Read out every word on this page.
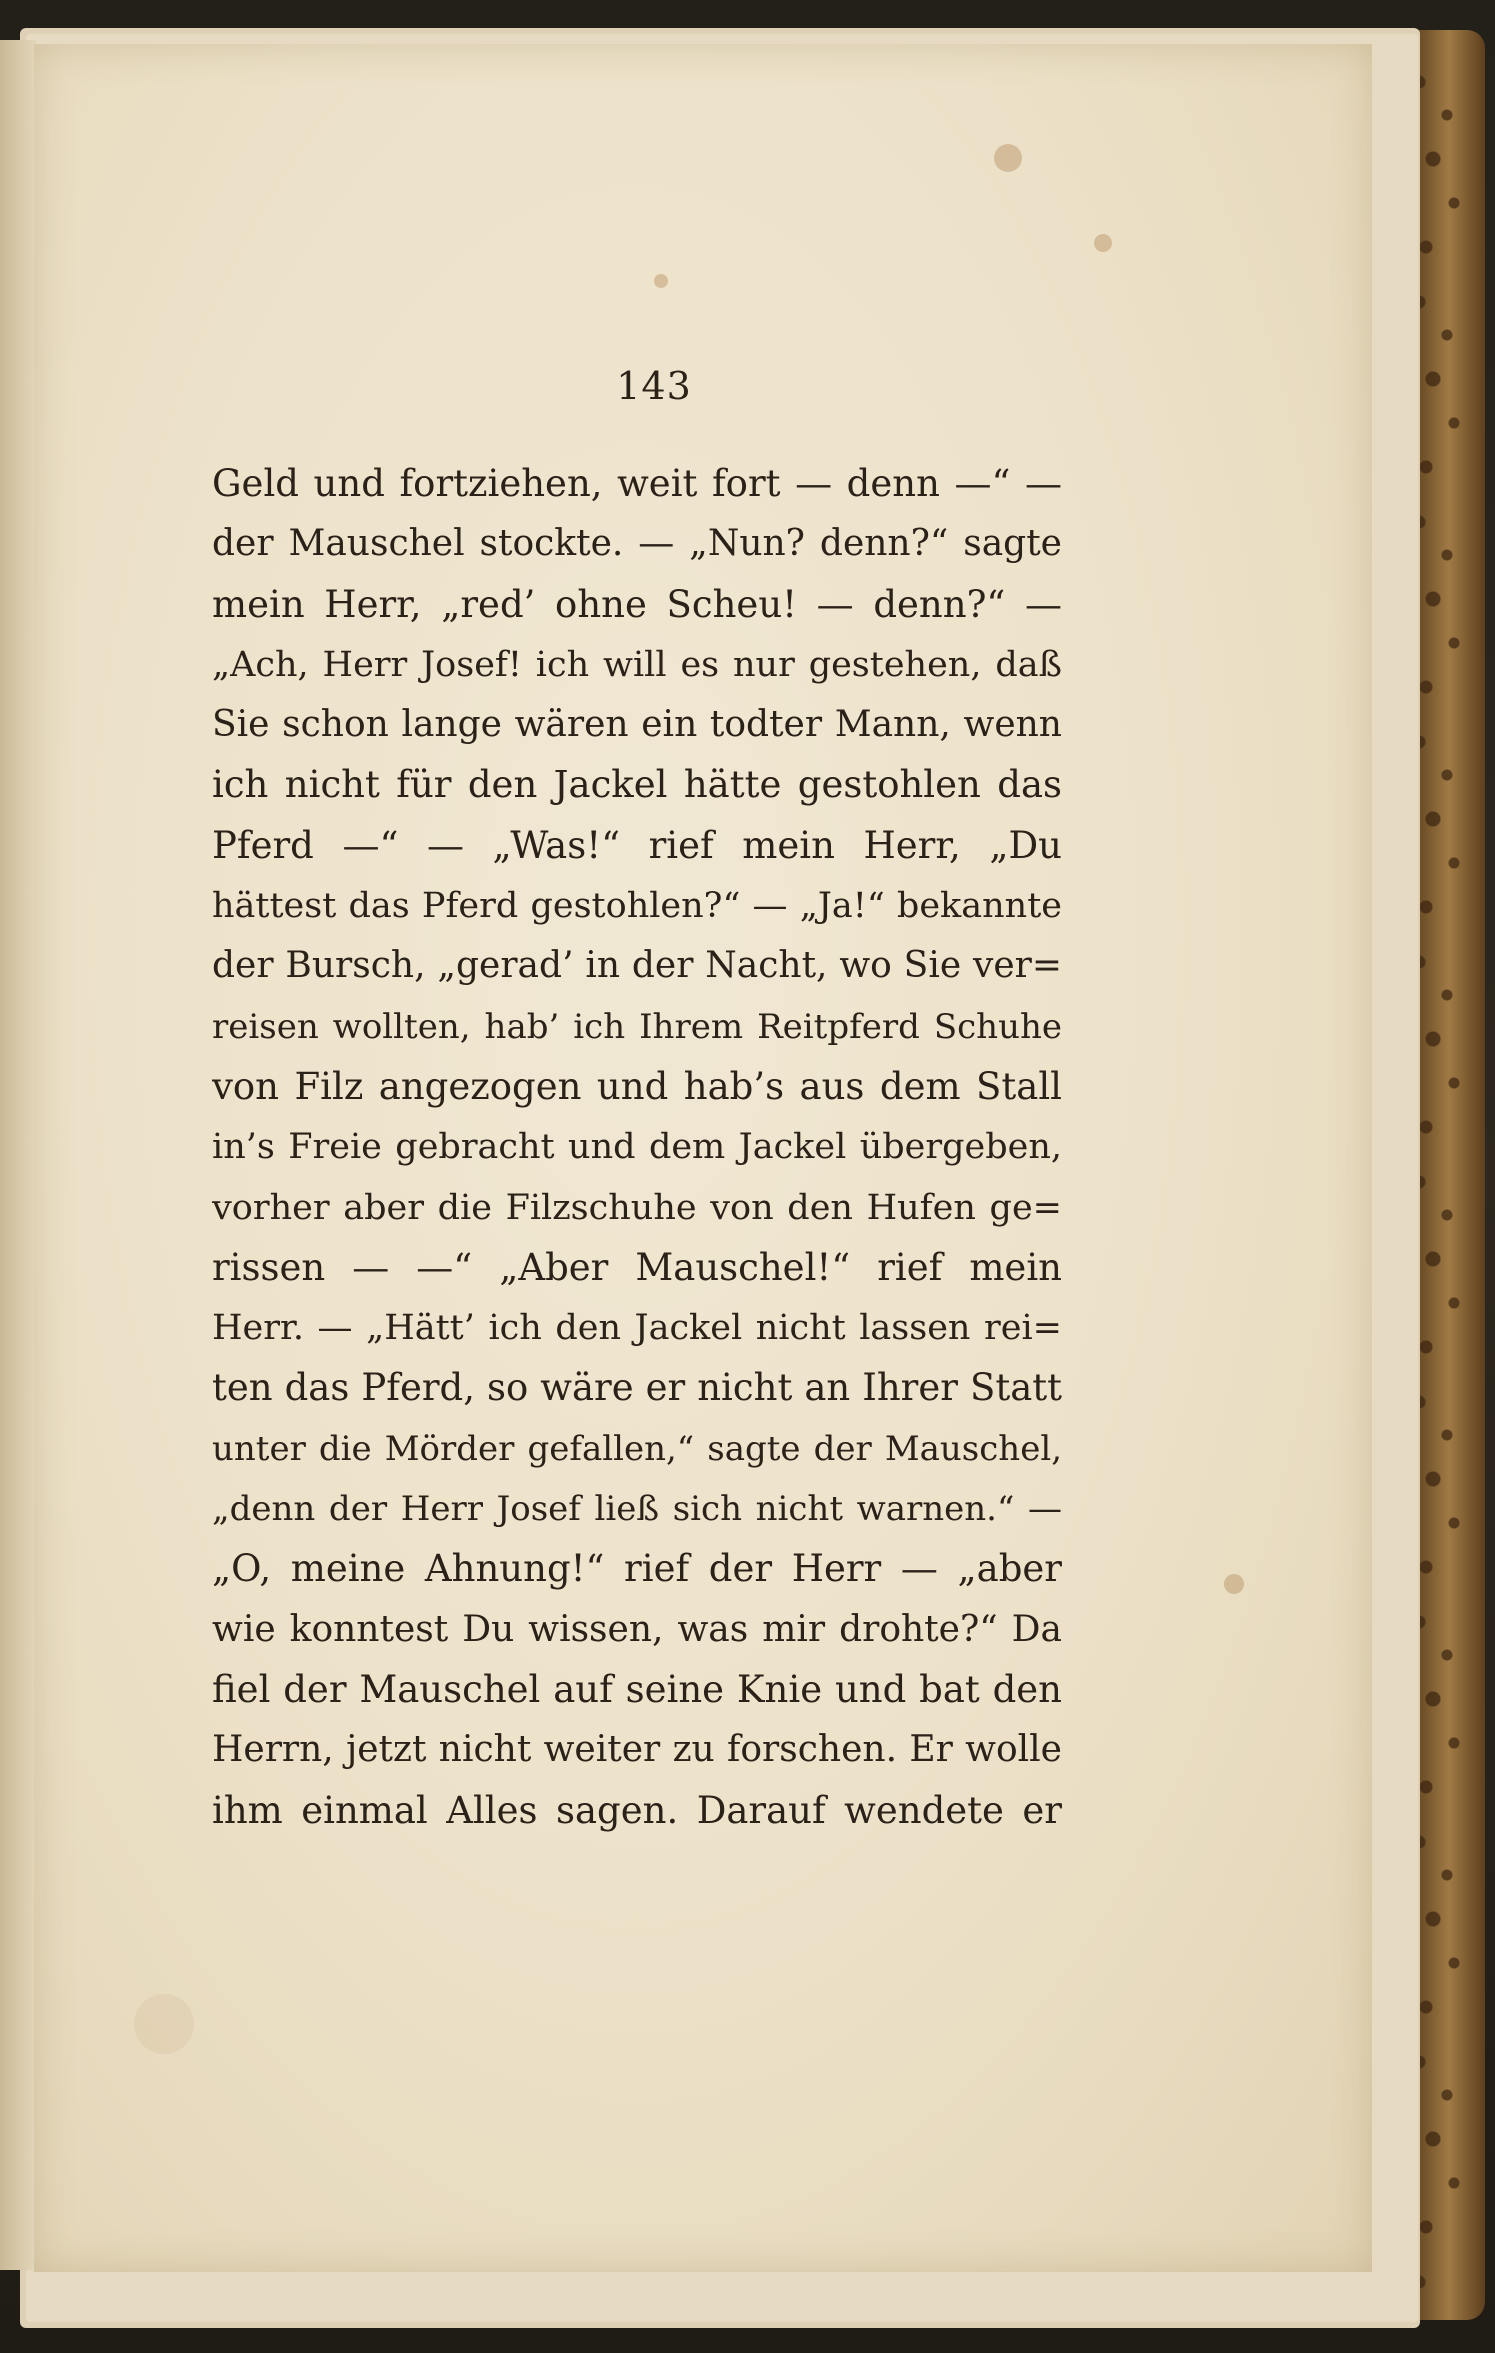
143
Geld und fortziehen, weit fort — denn —“ —
der Mauschel stockte. — „Nun? denn?“ sagte
mein Herr, „red’ ohne Scheu! — denn?“ —
„Ach, Herr Josef! ich will es nur gestehen, daß
Sie schon lange wären ein todter Mann, wenn
ich nicht für den Jackel hätte gestohlen das
Pferd —“ — „Was!“ rief mein Herr, „Du
hättest das Pferd gestohlen?“ — „Ja!“ bekannte
der Bursch, „gerad’ in der Nacht, wo Sie ver=
reisen wollten, hab’ ich Ihrem Reitpferd Schuhe
von Filz angezogen und hab’s aus dem Stall
in’s Freie gebracht und dem Jackel übergeben,
vorher aber die Filzschuhe von den Hufen ge=
rissen — —“ „Aber Mauschel!“ rief mein
Herr. — „Hätt’ ich den Jackel nicht lassen rei=
ten das Pferd, so wäre er nicht an Ihrer Statt
unter die Mörder gefallen,“ sagte der Mauschel,
„denn der Herr Josef ließ sich nicht warnen.“ —
„O, meine Ahnung!“ rief der Herr — „aber
wie konntest Du wissen, was mir drohte?“ Da
fiel der Mauschel auf seine Knie und bat den
Herrn, jetzt nicht weiter zu forschen. Er wolle
ihm einmal Alles sagen. Darauf wendete er
